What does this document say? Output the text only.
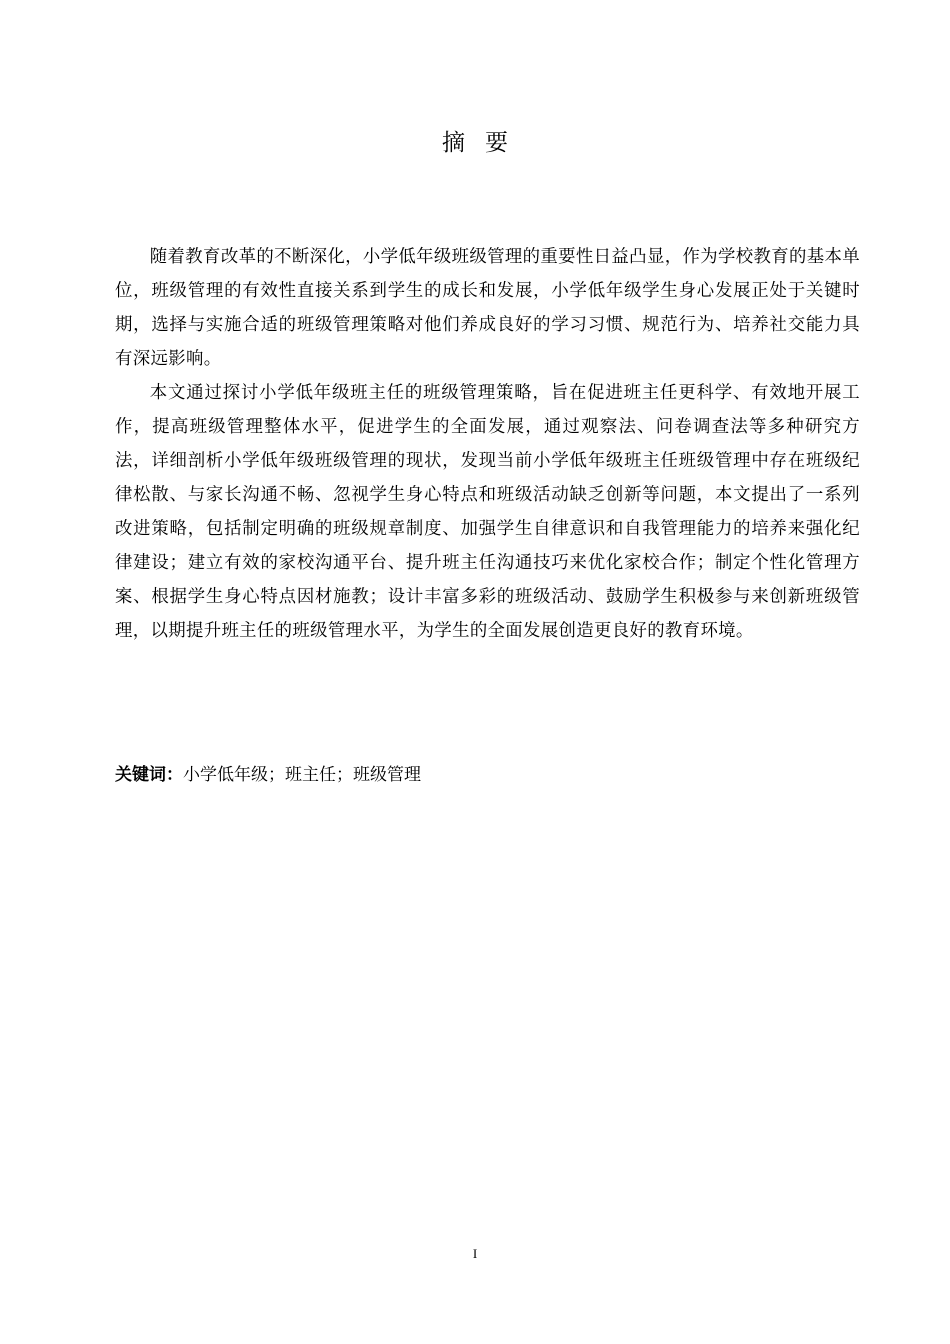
摘要

随着教育改革的不断深化，小学低年级班级管理的重要性日益凸显，作为学校教育的基本单位，班级管理的有效性直接关系到学生的成长和发展，小学低年级学生身心发展正处于关键时期，选择与实施合适的班级管理策略对他们养成良好的学习习惯、规范行为、培养社交能力具有深远影响。

本文通过探讨小学低年级班主任的班级管理策略，旨在促进班主任更科学、有效地开展工作，提高班级管理整体水平，促进学生的全面发展，通过观察法、问卷调查法等多种研究方法，详细剖析小学低年级班级管理的现状，发现当前小学低年级班主任班级管理中存在班级纪律松散、与家长沟通不畅、忽视学生身心特点和班级活动缺乏创新等问题，本文提出了一系列改进策略，包括制定明确的班级规章制度、加强学生自律意识和自我管理能力的培养来强化纪律建设；建立有效的家校沟通平台、提升班主任沟通技巧来优化家校合作；制定个性化管理方案、根据学生身心特点因材施教；设计丰富多彩的班级活动、鼓励学生积极参与来创新班级管理，以期提升班主任的班级管理水平，为学生的全面发展创造更良好的教育环境。

关键词：小学低年级；班主任；班级管理
I
